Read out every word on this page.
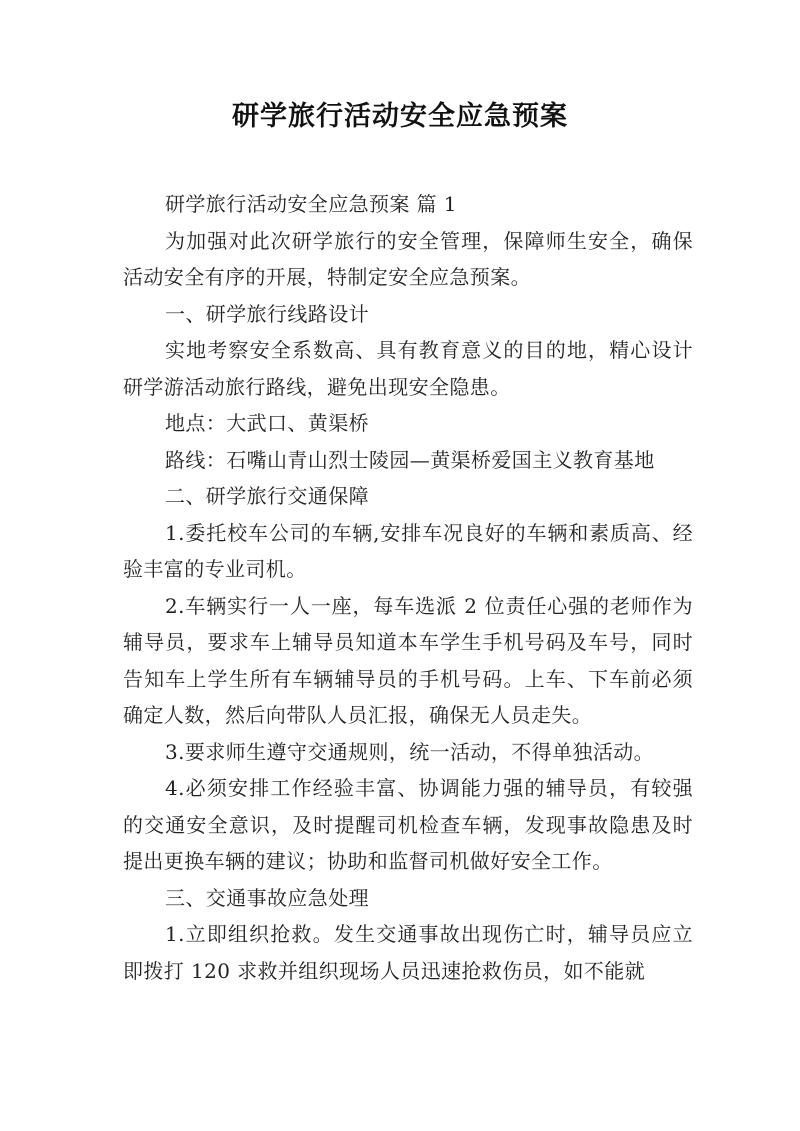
研学旅行活动安全应急预案

研学旅行活动安全应急预案 篇 1

为加强对此次研学旅行的安全管理，保障师生安全，确保活动安全有序的开展，特制定安全应急预案。

一、研学旅行线路设计

实地考察安全系数高、具有教育意义的目的地，精心设计研学游活动旅行路线，避免出现安全隐患。

地点：大武口、黄渠桥

路线：石嘴山青山烈士陵园—黄渠桥爱国主义教育基地

二、研学旅行交通保障

1.委托校车公司的车辆,安排车况良好的车辆和素质高、经验丰富的专业司机。

2.车辆实行一人一座，每车选派 2 位责任心强的老师作为辅导员，要求车上辅导员知道本车学生手机号码及车号，同时告知车上学生所有车辆辅导员的手机号码。上车、下车前必须确定人数，然后向带队人员汇报，确保无人员走失。

3.要求师生遵守交通规则，统一活动，不得单独活动。

4.必须安排工作经验丰富、协调能力强的辅导员，有较强的交通安全意识，及时提醒司机检查车辆，发现事故隐患及时提出更换车辆的建议；协助和监督司机做好安全工作。

三、交通事故应急处理

1.立即组织抢救。发生交通事故出现伤亡时，辅导员应立即拨打 120 求救并组织现场人员迅速抢救伤员，如不能就
